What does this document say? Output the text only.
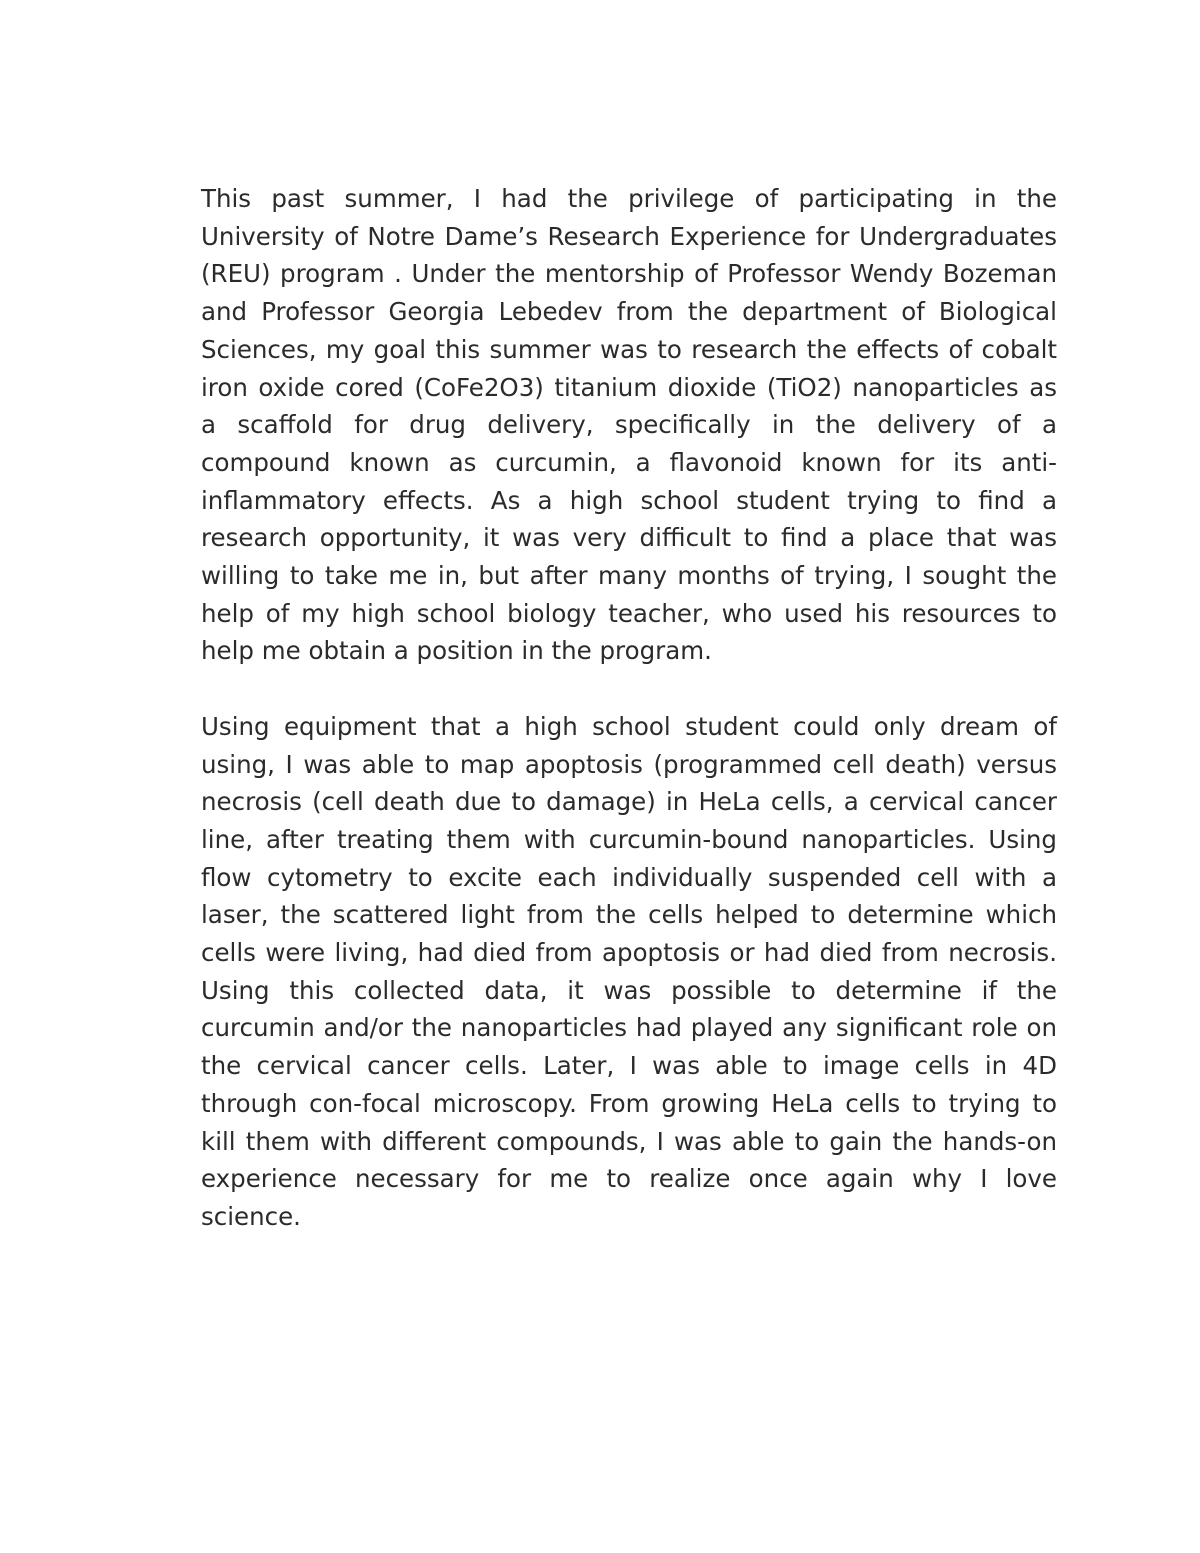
This past summer, I had the privilege of participating in the University of Notre Dame’s Research Experience for Undergraduates (REU) program . Under the mentorship of Professor Wendy Bozeman and Professor Georgia Lebedev from the department of Biological Sciences, my goal this summer was to research the effects of cobalt iron oxide cored (CoFe2O3) titanium dioxide (TiO2) nanoparticles as a scaffold for drug delivery, specifically in the delivery of a compound known as curcumin, a flavonoid known for its anti-inflammatory effects. As a high school student trying to find a research opportunity, it was very difficult to find a place that was willing to take me in, but after many months of trying, I sought the help of my high school biology teacher, who used his resources to help me obtain a position in the program.

Using equipment that a high school student could only dream of using, I was able to map apoptosis (programmed cell death) versus necrosis (cell death due to damage) in HeLa cells, a cervical cancer line, after treating them with curcumin-bound nanoparticles. Using flow cytometry to excite each individually suspended cell with a laser, the scattered light from the cells helped to determine which cells were living, had died from apoptosis or had died from necrosis. Using this collected data, it was possible to determine if the curcumin and/or the nanoparticles had played any significant role on the cervical cancer cells. Later, I was able to image cells in 4D through con-focal microscopy. From growing HeLa cells to trying to kill them with different compounds, I was able to gain the hands-on experience necessary for me to realize once again why I love science.
